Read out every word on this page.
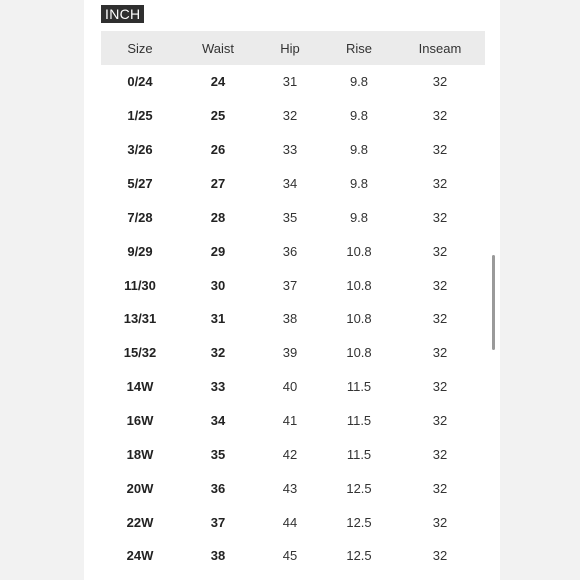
INCH
Size	Waist	Hip	Rise	Inseam
0/24	24	31	9.8	32
1/25	25	32	9.8	32
3/26	26	33	9.8	32
5/27	27	34	9.8	32
7/28	28	35	9.8	32
9/29	29	36	10.8	32
11/30	30	37	10.8	32
13/31	31	38	10.8	32
15/32	32	39	10.8	32
14W	33	40	11.5	32
16W	34	41	11.5	32
18W	35	42	11.5	32
20W	36	43	12.5	32
22W	37	44	12.5	32
24W	38	45	12.5	32
